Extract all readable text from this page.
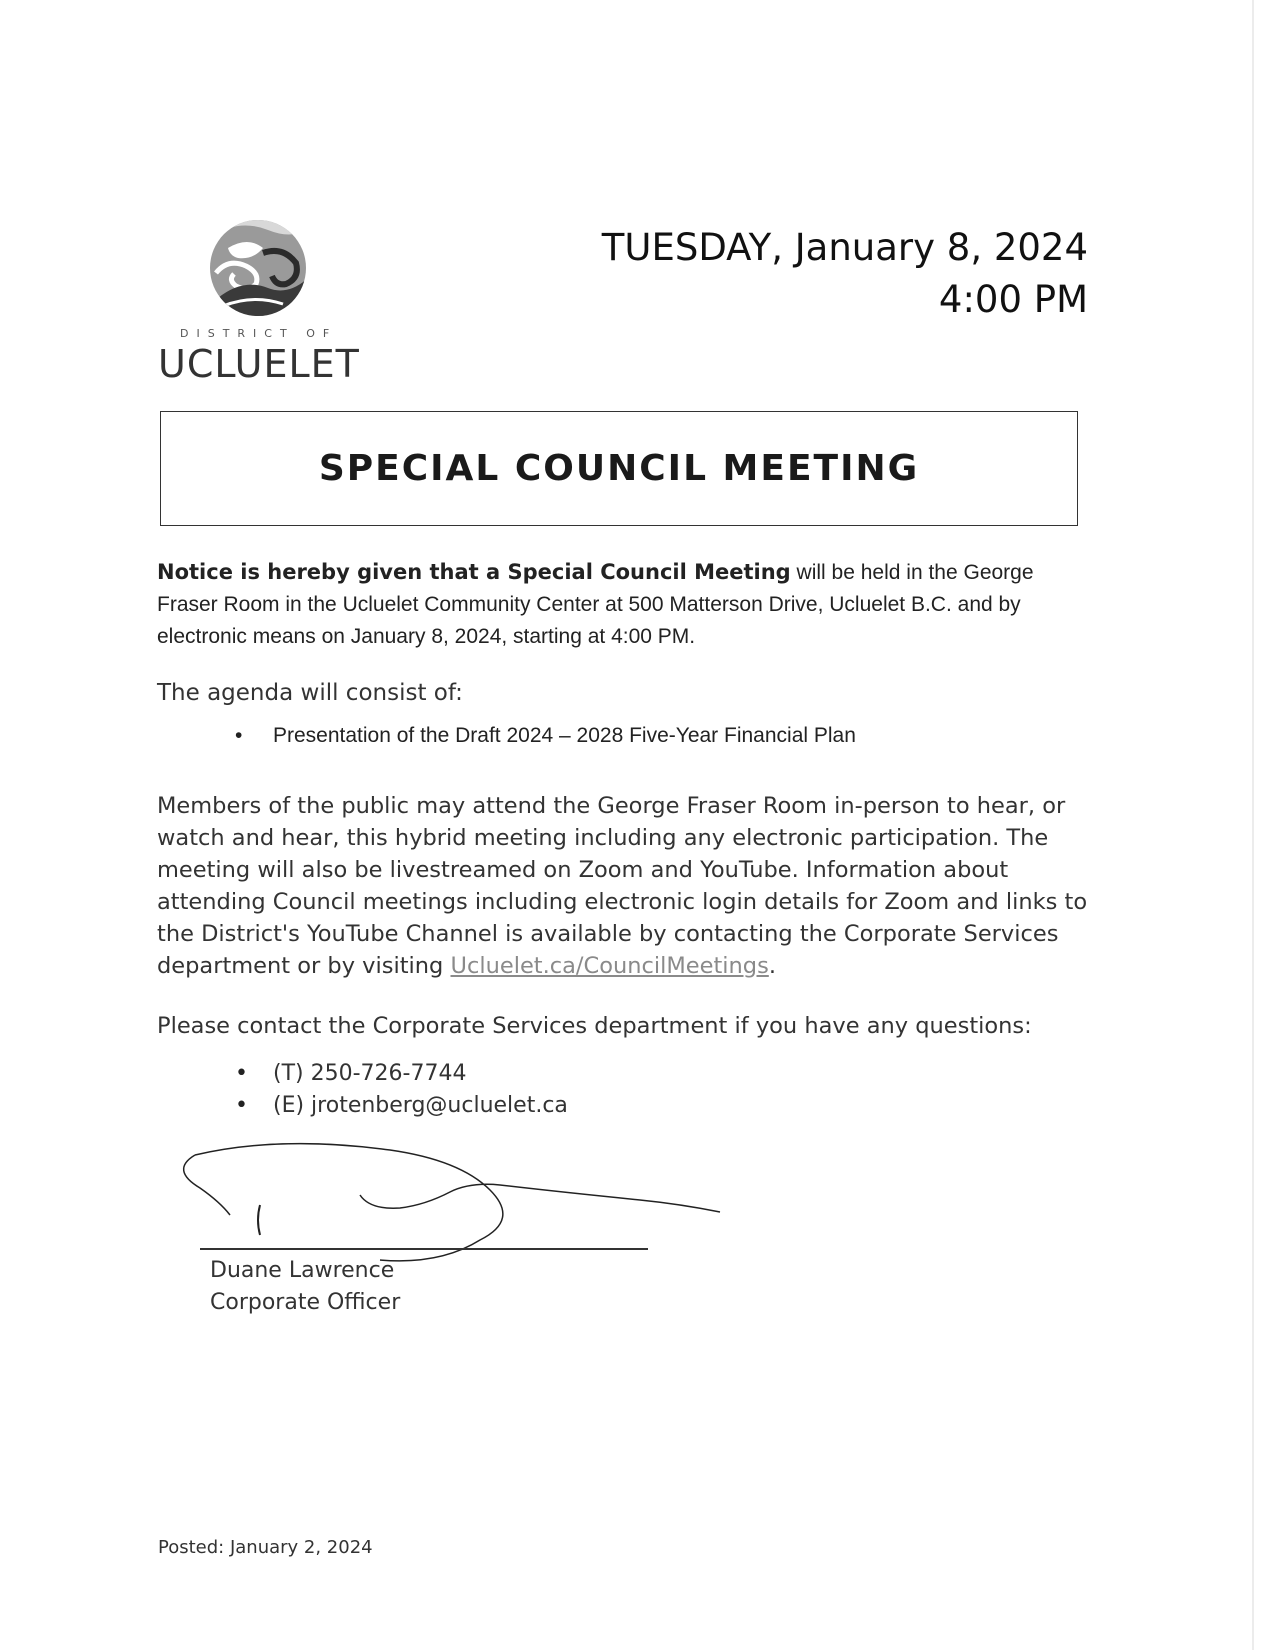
DISTRICT OF
UCLUELET
TUESDAY, January 8, 2024
4:00 PM
SPECIAL COUNCIL MEETING
Notice is hereby given that a Special Council Meeting will be held in the George Fraser Room in the Ucluelet Community Center at 500 Matterson Drive, Ucluelet B.C. and by electronic means on January 8, 2024, starting at 4:00 PM.
The agenda will consist of:
• Presentation of the Draft 2024 – 2028 Five-Year Financial Plan
Members of the public may attend the George Fraser Room in-person to hear, or watch and hear, this hybrid meeting including any electronic participation. The meeting will also be livestreamed on Zoom and YouTube. Information about attending Council meetings including electronic login details for Zoom and links to the District's YouTube Channel is available by contacting the Corporate Services department or by visiting Ucluelet.ca/CouncilMeetings.
Please contact the Corporate Services department if you have any questions:
• (T) 250-726-7744
• (E) jrotenberg@ucluelet.ca
Duane Lawrence
Corporate Officer
Posted: January 2, 2024
